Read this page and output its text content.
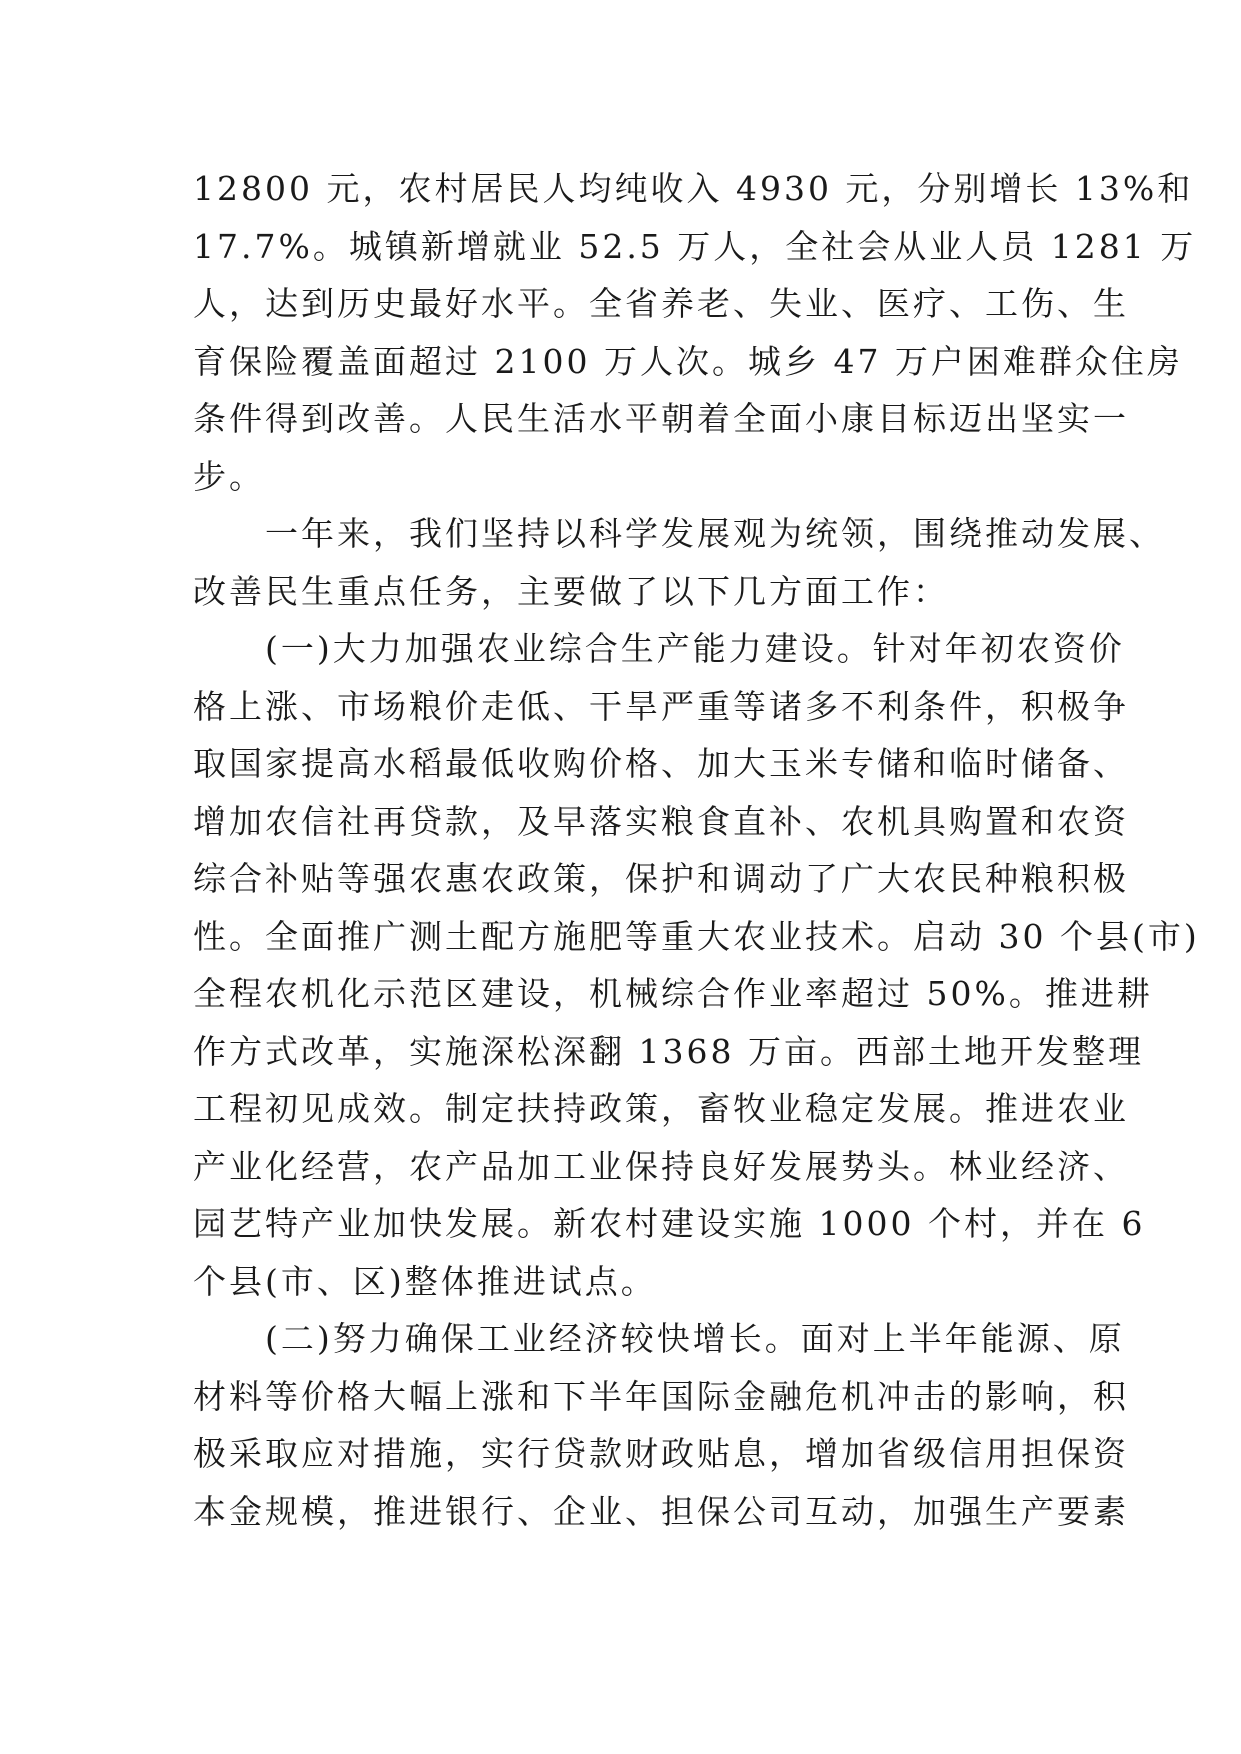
12800 元，农村居民人均纯收入 4930 元，分别增长 13%和
17.7%。城镇新增就业 52.5 万人，全社会从业人员 1281 万
人，达到历史最好水平。全省养老、失业、医疗、工伤、生
育保险覆盖面超过 2100 万人次。城乡 47 万户困难群众住房
条件得到改善。人民生活水平朝着全面小康目标迈出坚实一
步。
　　一年来，我们坚持以科学发展观为统领，围绕推动发展、
改善民生重点任务，主要做了以下几方面工作：
　　(一)大力加强农业综合生产能力建设。针对年初农资价
格上涨、市场粮价走低、干旱严重等诸多不利条件，积极争
取国家提高水稻最低收购价格、加大玉米专储和临时储备、
增加农信社再贷款，及早落实粮食直补、农机具购置和农资
综合补贴等强农惠农政策，保护和调动了广大农民种粮积极
性。全面推广测土配方施肥等重大农业技术。启动 30 个县(市)
全程农机化示范区建设，机械综合作业率超过 50%。推进耕
作方式改革，实施深松深翻 1368 万亩。西部土地开发整理
工程初见成效。制定扶持政策，畜牧业稳定发展。推进农业
产业化经营，农产品加工业保持良好发展势头。林业经济、
园艺特产业加快发展。新农村建设实施 1000 个村，并在 6
个县(市、区)整体推进试点。
　　(二)努力确保工业经济较快增长。面对上半年能源、原
材料等价格大幅上涨和下半年国际金融危机冲击的影响，积
极采取应对措施，实行贷款财政贴息，增加省级信用担保资
本金规模，推进银行、企业、担保公司互动，加强生产要素
